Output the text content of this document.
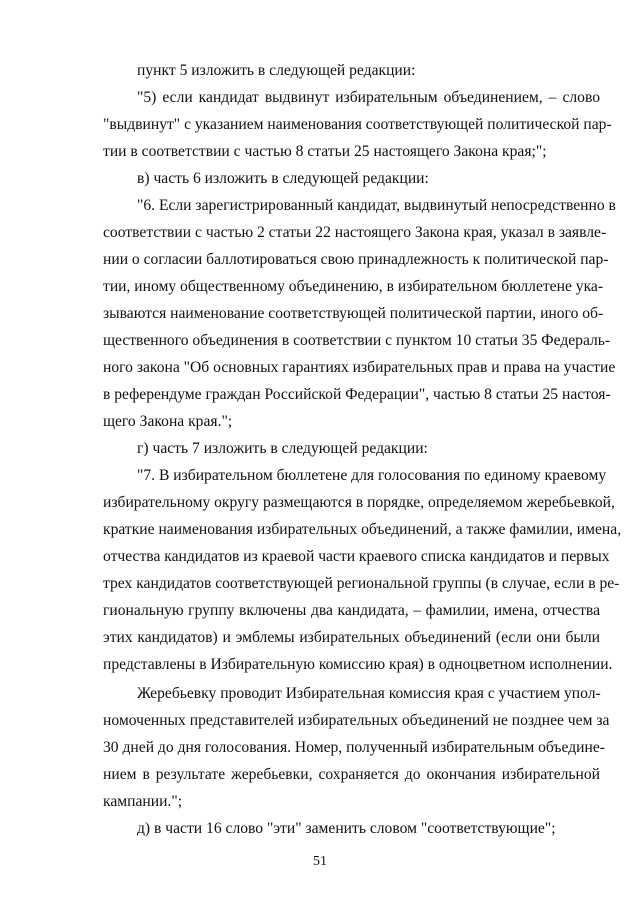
пункт 5 изложить в следующей редакции:

"5) если кандидат выдвинут избирательным объединением, – слово
"выдвинут" с указанием наименования соответствующей политической пар-
тии в соответствии с частью 8 статьи 25 настоящего Закона края;";

в) часть 6 изложить в следующей редакции:

"6. Если зарегистрированный кандидат, выдвинутый непосредственно в
соответствии с частью 2 статьи 22 настоящего Закона края, указал в заявле-
нии о согласии баллотироваться свою принадлежность к политической пар-
тии, иному общественному объединению, в избирательном бюллетене ука-
зываются наименование соответствующей политической партии, иного об-
щественного объединения в соответствии с пунктом 10 статьи 35 Федераль-
ного закона "Об основных гарантиях избирательных прав и права на участие
в референдуме граждан Российской Федерации", частью 8 статьи 25 настоя-
щего Закона края.";

г) часть 7 изложить в следующей редакции:

"7. В избирательном бюллетене для голосования по единому краевому
избирательному округу размещаются в порядке, определяемом жеребьевкой,
краткие наименования избирательных объединений, а также фамилии, имена,
отчества кандидатов из краевой части краевого списка кандидатов и первых
трех кандидатов соответствующей региональной группы (в случае, если в ре-
гиональную группу включены два кандидата, – фамилии, имена, отчества
этих кандидатов) и эмблемы избирательных объединений (если они были
представлены в Избирательную комиссию края) в одноцветном исполнении.

Жеребьевку проводит Избирательная комиссия края с участием упол-
номоченных представителей избирательных объединений не позднее чем за
30 дней до дня голосования. Номер, полученный избирательным объедине-
нием в результате жеребьевки, сохраняется до окончания избирательной
кампании.";

д) в части 16 слово "эти" заменить словом "соответствующие";

51
